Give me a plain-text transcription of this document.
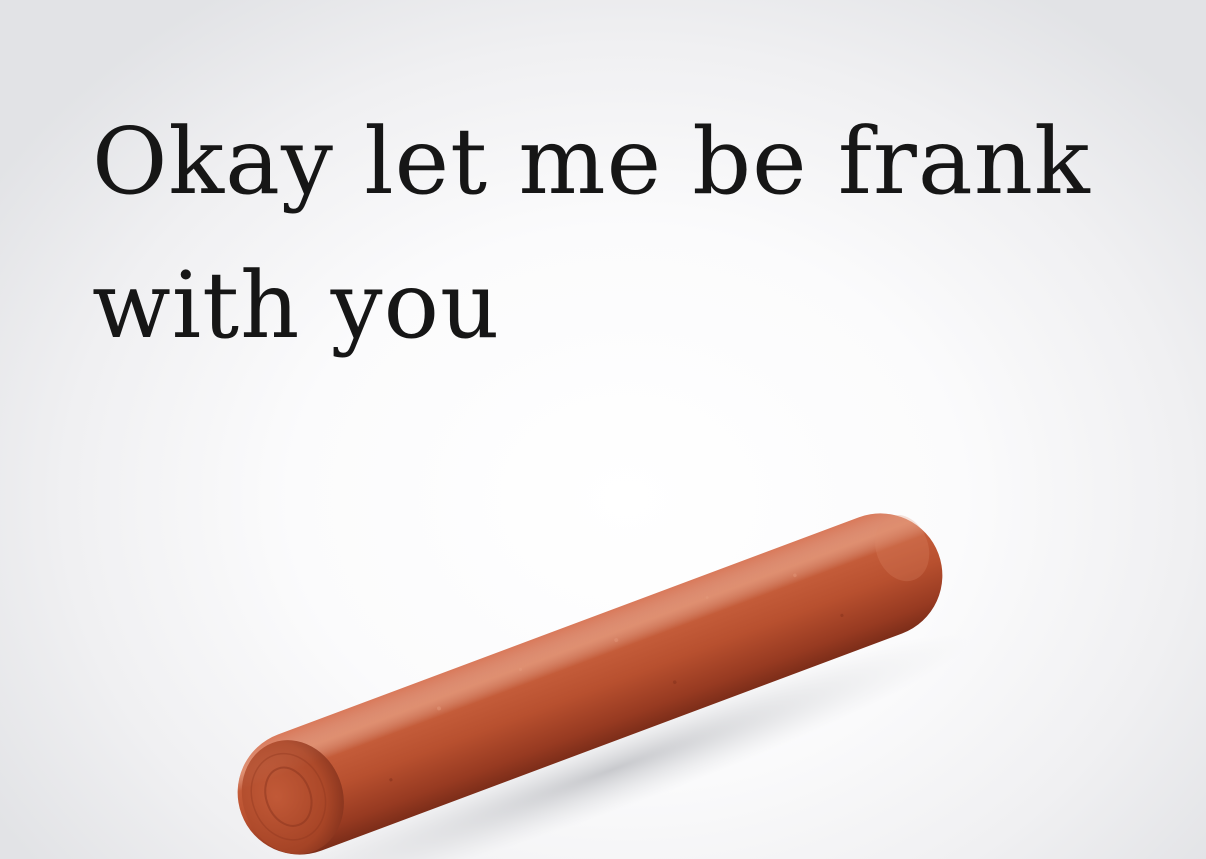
Okay let me be frank
with you
